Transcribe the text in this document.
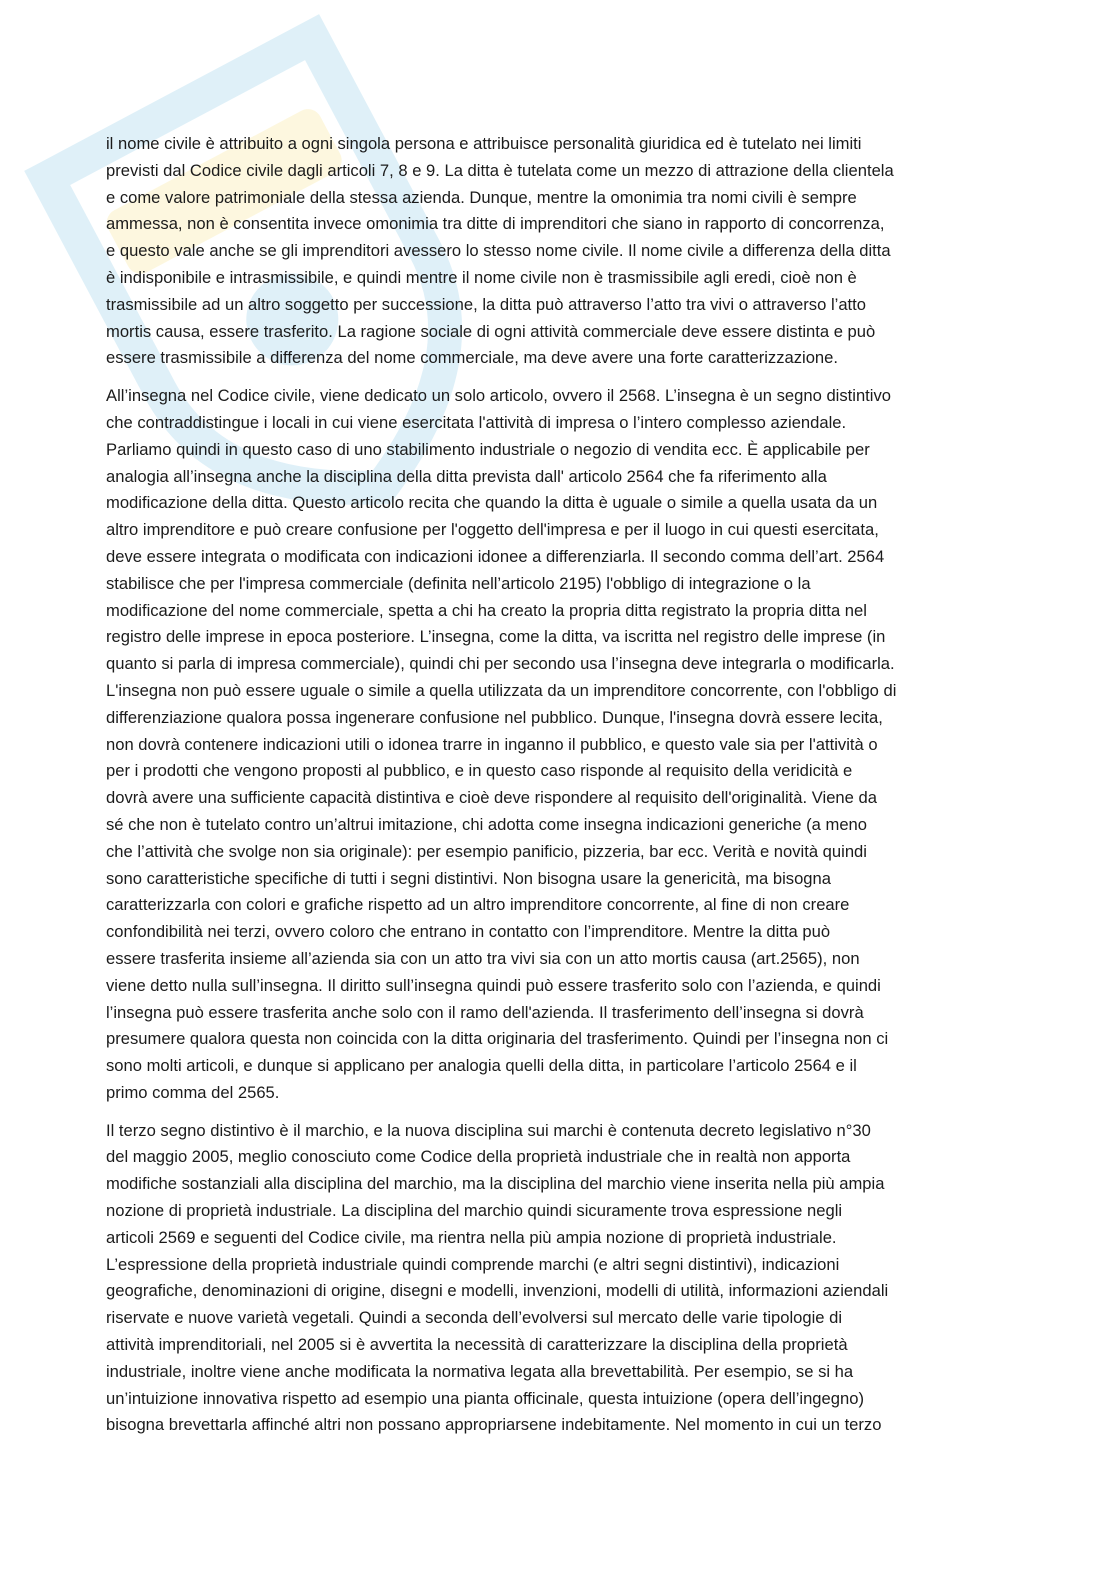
il nome civile è attribuito a ogni singola persona e attribuisce personalità giuridica ed è tutelato nei limiti
previsti dal Codice civile dagli articoli 7, 8 e 9. La ditta è tutelata come un mezzo di attrazione della clientela
e come valore patrimoniale della stessa azienda. Dunque, mentre la omonimia tra nomi civili è sempre
ammessa, non è consentita invece omonimia tra ditte di imprenditori che siano in rapporto di concorrenza,
e questo vale anche se gli imprenditori avessero lo stesso nome civile. Il nome civile a differenza della ditta
è indisponibile e intrasmissibile, e quindi mentre il nome civile non è trasmissibile agli eredi, cioè non è
trasmissibile ad un altro soggetto per successione, la ditta può attraverso l’atto tra vivi o attraverso l’atto
mortis causa, essere trasferito. La ragione sociale di ogni attività commerciale deve essere distinta e può
essere trasmissibile a differenza del nome commerciale, ma deve avere una forte caratterizzazione.

All’insegna nel Codice civile, viene dedicato un solo articolo, ovvero il 2568. L’insegna è un segno distintivo
che contraddistingue i locali in cui viene esercitata l'attività di impresa o l’intero complesso aziendale.
Parliamo quindi in questo caso di uno stabilimento industriale o negozio di vendita ecc. È applicabile per
analogia all’insegna anche la disciplina della ditta prevista dall' articolo 2564 che fa riferimento alla
modificazione della ditta. Questo articolo recita che quando la ditta è uguale o simile a quella usata da un
altro imprenditore e può creare confusione per l'oggetto dell'impresa e per il luogo in cui questi esercitata,
deve essere integrata o modificata con indicazioni idonee a differenziarla. Il secondo comma dell’art. 2564
stabilisce che per l'impresa commerciale (definita nell’articolo 2195) l'obbligo di integrazione o la
modificazione del nome commerciale, spetta a chi ha creato la propria ditta registrato la propria ditta nel
registro delle imprese in epoca posteriore. L’insegna, come la ditta, va iscritta nel registro delle imprese (in
quanto si parla di impresa commerciale), quindi chi per secondo usa l’insegna deve integrarla o modificarla.
L'insegna non può essere uguale o simile a quella utilizzata da un imprenditore concorrente, con l'obbligo di
differenziazione qualora possa ingenerare confusione nel pubblico. Dunque, l'insegna dovrà essere lecita,
non dovrà contenere indicazioni utili o idonea trarre in inganno il pubblico, e questo vale sia per l'attività o
per i prodotti che vengono proposti al pubblico, e in questo caso risponde al requisito della veridicità e
dovrà avere una sufficiente capacità distintiva e cioè deve rispondere al requisito dell'originalità. Viene da
sé che non è tutelato contro un’altrui imitazione, chi adotta come insegna indicazioni generiche (a meno
che l’attività che svolge non sia originale): per esempio panificio, pizzeria, bar ecc. Verità e novità quindi
sono caratteristiche specifiche di tutti i segni distintivi. Non bisogna usare la genericità, ma bisogna
caratterizzarla con colori e grafiche rispetto ad un altro imprenditore concorrente, al fine di non creare
confondibilità nei terzi, ovvero coloro che entrano in contatto con l’imprenditore. Mentre la ditta può
essere trasferita insieme all’azienda sia con un atto tra vivi sia con un atto mortis causa (art.2565), non
viene detto nulla sull’insegna. Il diritto sull’insegna quindi può essere trasferito solo con l’azienda, e quindi
l’insegna può essere trasferita anche solo con il ramo dell'azienda. Il trasferimento dell’insegna si dovrà
presumere qualora questa non coincida con la ditta originaria del trasferimento. Quindi per l’insegna non ci
sono molti articoli, e dunque si applicano per analogia quelli della ditta, in particolare l’articolo 2564 e il
primo comma del 2565.

Il terzo segno distintivo è il marchio, e la nuova disciplina sui marchi è contenuta decreto legislativo n°30
del maggio 2005, meglio conosciuto come Codice della proprietà industriale che in realtà non apporta
modifiche sostanziali alla disciplina del marchio, ma la disciplina del marchio viene inserita nella più ampia
nozione di proprietà industriale. La disciplina del marchio quindi sicuramente trova espressione negli
articoli 2569 e seguenti del Codice civile, ma rientra nella più ampia nozione di proprietà industriale.
L’espressione della proprietà industriale quindi comprende marchi (e altri segni distintivi), indicazioni
geografiche, denominazioni di origine, disegni e modelli, invenzioni, modelli di utilità, informazioni aziendali
riservate e nuove varietà vegetali. Quindi a seconda dell’evolversi sul mercato delle varie tipologie di
attività imprenditoriali, nel 2005 si è avvertita la necessità di caratterizzare la disciplina della proprietà
industriale, inoltre viene anche modificata la normativa legata alla brevettabilità. Per esempio, se si ha
un’intuizione innovativa rispetto ad esempio una pianta officinale, questa intuizione (opera dell’ingegno)
bisogna brevettarla affinché altri non possano appropriarsene indebitamente. Nel momento in cui un terzo
